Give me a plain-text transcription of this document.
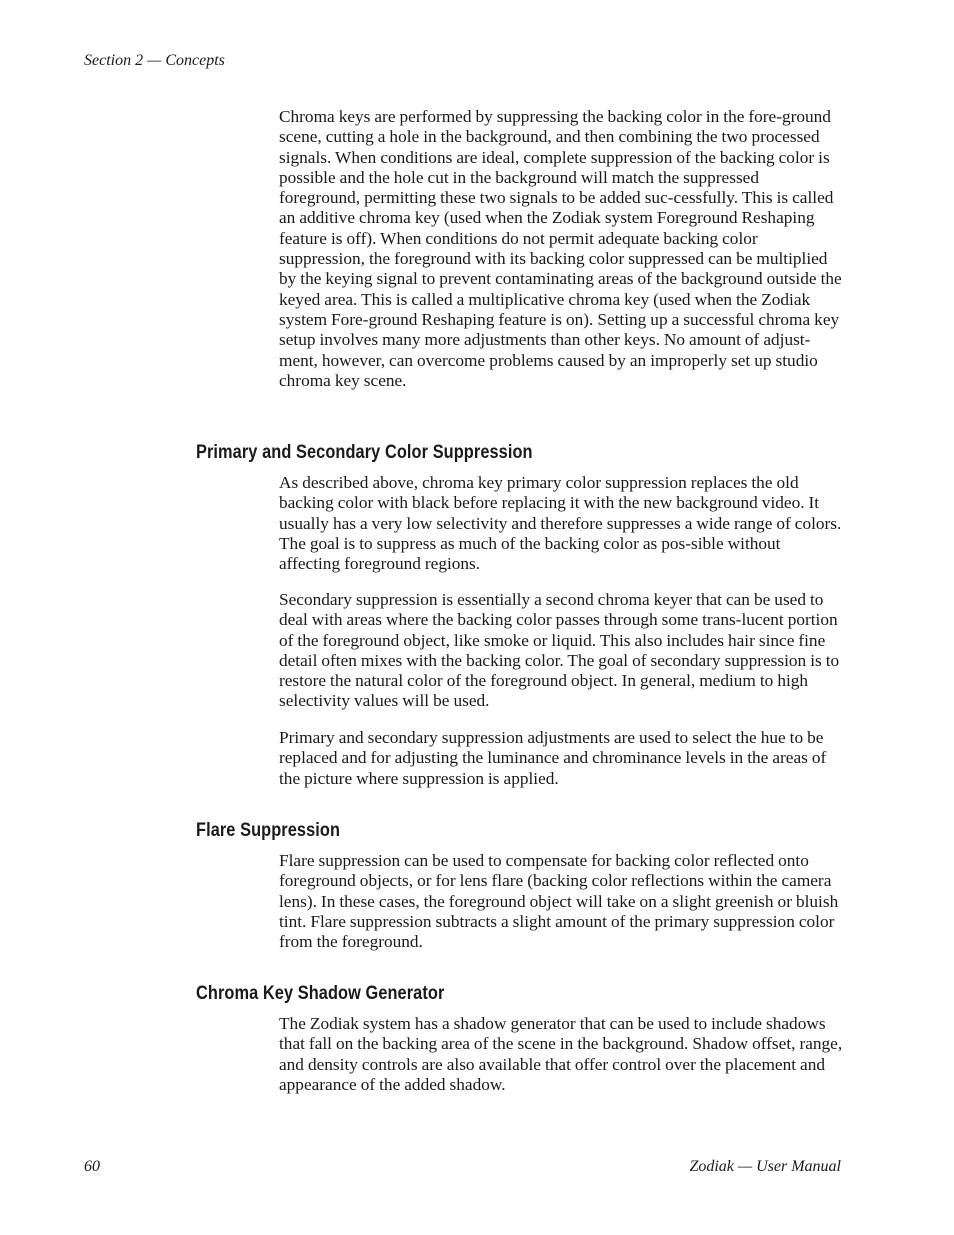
Section 2 — Concepts

Chroma keys are performed by suppressing the backing color in the fore-ground scene, cutting a hole in the background, and then combining the two processed signals. When conditions are ideal, complete suppression of the backing color is possible and the hole cut in the background will match the suppressed foreground, permitting these two signals to be added suc-cessfully. This is called an additive chroma key (used when the Zodiak system Foreground Reshaping feature is off). When conditions do not permit adequate backing color suppression, the foreground with its backing color suppressed can be multiplied by the keying signal to prevent contaminating areas of the background outside the keyed area. This is called a multiplicative chroma key (used when the Zodiak system Fore-ground Reshaping feature is on). Setting up a successful chroma key setup involves many more adjustments than other keys. No amount of adjust-ment, however, can overcome problems caused by an improperly set up studio chroma key scene.

Primary and Secondary Color Suppression

As described above, chroma key primary color suppression replaces the old backing color with black before replacing it with the new background video. It usually has a very low selectivity and therefore suppresses a wide range of colors. The goal is to suppress as much of the backing color as pos-sible without affecting foreground regions.

Secondary suppression is essentially a second chroma keyer that can be used to deal with areas where the backing color passes through some trans-lucent portion of the foreground object, like smoke or liquid. This also includes hair since fine detail often mixes with the backing color. The goal of secondary suppression is to restore the natural color of the foreground object. In general, medium to high selectivity values will be used.

Primary and secondary suppression adjustments are used to select the hue to be replaced and for adjusting the luminance and chrominance levels in the areas of the picture where suppression is applied.

Flare Suppression

Flare suppression can be used to compensate for backing color reflected onto foreground objects, or for lens flare (backing color reflections within the camera lens). In these cases, the foreground object will take on a slight greenish or bluish tint. Flare suppression subtracts a slight amount of the primary suppression color from the foreground.

Chroma Key Shadow Generator

The Zodiak system has a shadow generator that can be used to include shadows that fall on the backing area of the scene in the background. Shadow offset, range, and density controls are also available that offer control over the placement and appearance of the added shadow.

60	Zodiak — User Manual
